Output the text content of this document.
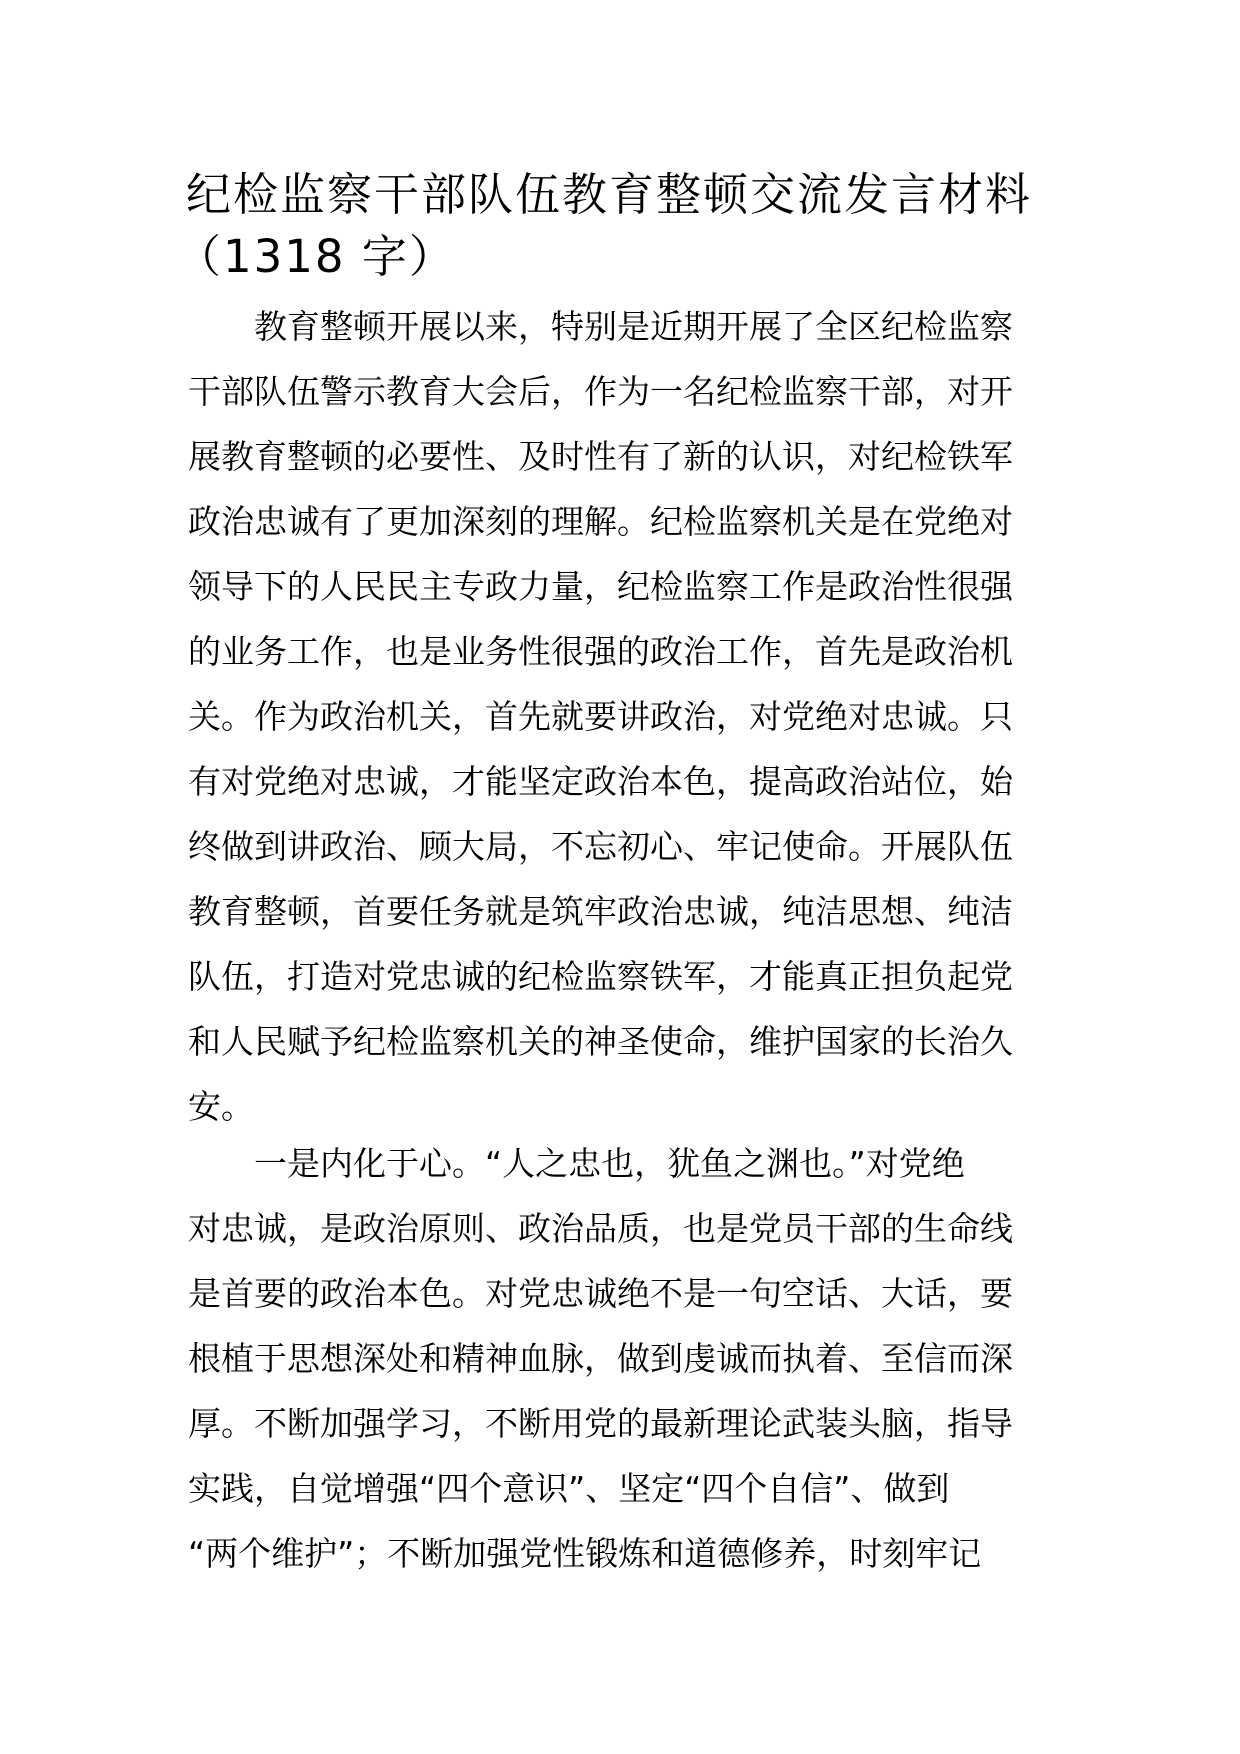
纪检监察干部队伍教育整顿交流发言材料
（1318 字）
教育整顿开展以来，特别是近期开展了全区纪检监察
干部队伍警示教育大会后，作为一名纪检监察干部，对开
展教育整顿的必要性、及时性有了新的认识，对纪检铁军
政治忠诚有了更加深刻的理解。纪检监察机关是在党绝对
领导下的人民民主专政力量，纪检监察工作是政治性很强
的业务工作，也是业务性很强的政治工作，首先是政治机
关。作为政治机关，首先就要讲政治，对党绝对忠诚。只
有对党绝对忠诚，才能坚定政治本色，提高政治站位，始
终做到讲政治、顾大局，不忘初心、牢记使命。开展队伍
教育整顿，首要任务就是筑牢政治忠诚，纯洁思想、纯洁
队伍，打造对党忠诚的纪检监察铁军，才能真正担负起党
和人民赋予纪检监察机关的神圣使命，维护国家的长治久
安。
一是内化于心。“人之忠也，犹鱼之渊也。”对党绝
对忠诚，是政治原则、政治品质，也是党员干部的生命线
是首要的政治本色。对党忠诚绝不是一句空话、大话，要
根植于思想深处和精神血脉，做到虔诚而执着、至信而深
厚。不断加强学习，不断用党的最新理论武装头脑，指导
实践，自觉增强“四个意识”、坚定“四个自信”、做到
“两个维护”；不断加强党性锻炼和道德修养，时刻牢记
